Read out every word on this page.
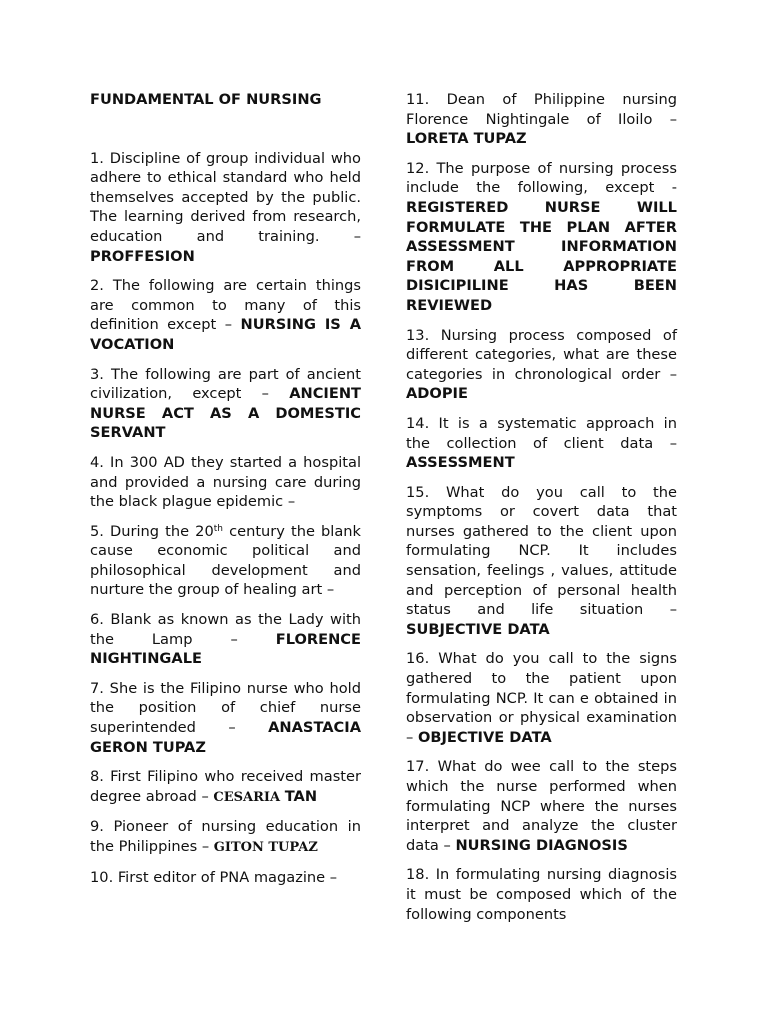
FUNDAMENTAL OF NURSING

1. Discipline of group individual who adhere to ethical standard who held themselves accepted by the public. The learning derived from research, education and training. – PROFFESION

2. The following are certain things are common to many of this definition except – NURSING IS A VOCATION

3. The following are part of ancient civilization, except – ANCIENT NURSE ACT AS A DOMESTIC SERVANT

4. In 300 AD they started a hospital and provided a nursing care during the black plague epidemic –

5. During the 20th century the blank cause economic political and philosophical development and nurture the group of healing art –

6. Blank as known as the Lady with the Lamp – FLORENCE NIGHTINGALE

7. She is the Filipino nurse who hold the position of chief nurse superintended – ANASTACIA GERON TUPAZ

8. First Filipino who received master degree abroad – CESARIA TAN

9. Pioneer of nursing education in the Philippines – GITON TUPAZ

10. First editor of PNA magazine –

11. Dean of Philippine nursing Florence Nightingale of Iloilo – LORETA TUPAZ

12. The purpose of nursing process include the following, except - REGISTERED NURSE WILL FORMULATE THE PLAN AFTER ASSESSMENT INFORMATION FROM ALL APPROPRIATE DISICIPILINE HAS BEEN REVIEWED

13. Nursing process composed of different categories, what are these categories in chronological order – ADOPIE

14. It is a systematic approach in the collection of client data – ASSESSMENT

15. What do you call to the symptoms or covert data that nurses gathered to the client upon formulating NCP. It includes sensation, feelings , values, attitude and perception of personal health status and life situation – SUBJECTIVE DATA

16. What do you call to the signs gathered to the patient upon formulating NCP. It can e obtained in observation or physical examination – OBJECTIVE DATA

17. What do wee call to the steps which the nurse performed when formulating NCP where the nurses interpret and analyze the cluster data – NURSING DIAGNOSIS

18. In formulating nursing diagnosis it must be composed which of the following components
